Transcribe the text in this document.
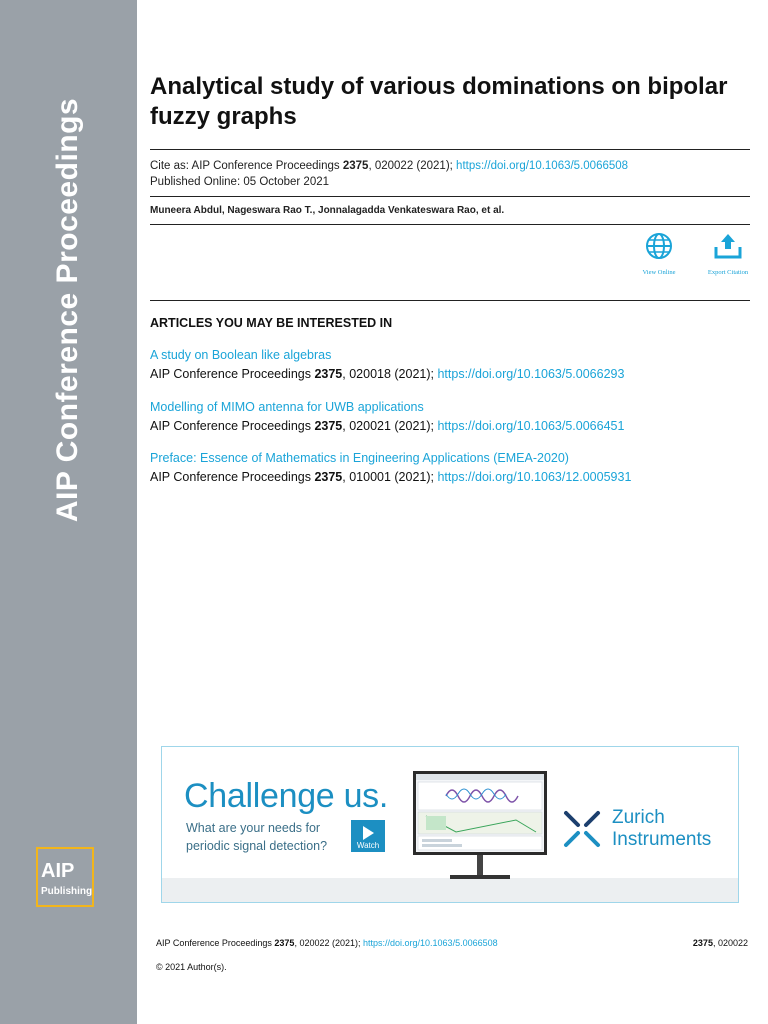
AIP Conference Proceedings
AIP
Publishing
Analytical study of various dominations on bipolar fuzzy graphs
Cite as: AIP Conference Proceedings 2375, 020022 (2021); https://doi.org/10.1063/5.0066508
Published Online: 05 October 2021
Muneera Abdul, Nageswara Rao T., Jonnalagadda Venkateswara Rao, et al.
View Online	Export Citation
ARTICLES YOU MAY BE INTERESTED IN
A study on Boolean like algebras
AIP Conference Proceedings 2375, 020018 (2021); https://doi.org/10.1063/5.0066293
Modelling of MIMO antenna for UWB applications
AIP Conference Proceedings 2375, 020021 (2021); https://doi.org/10.1063/5.0066451
Preface: Essence of Mathematics in Engineering Applications (EMEA-2020)
AIP Conference Proceedings 2375, 010001 (2021); https://doi.org/10.1063/12.0005931
Challenge us.
What are your needs for
periodic signal detection?	Watch
Zurich
Instruments
AIP Conference Proceedings 2375, 020022 (2021); https://doi.org/10.1063/5.0066508	2375, 020022
© 2021 Author(s).
